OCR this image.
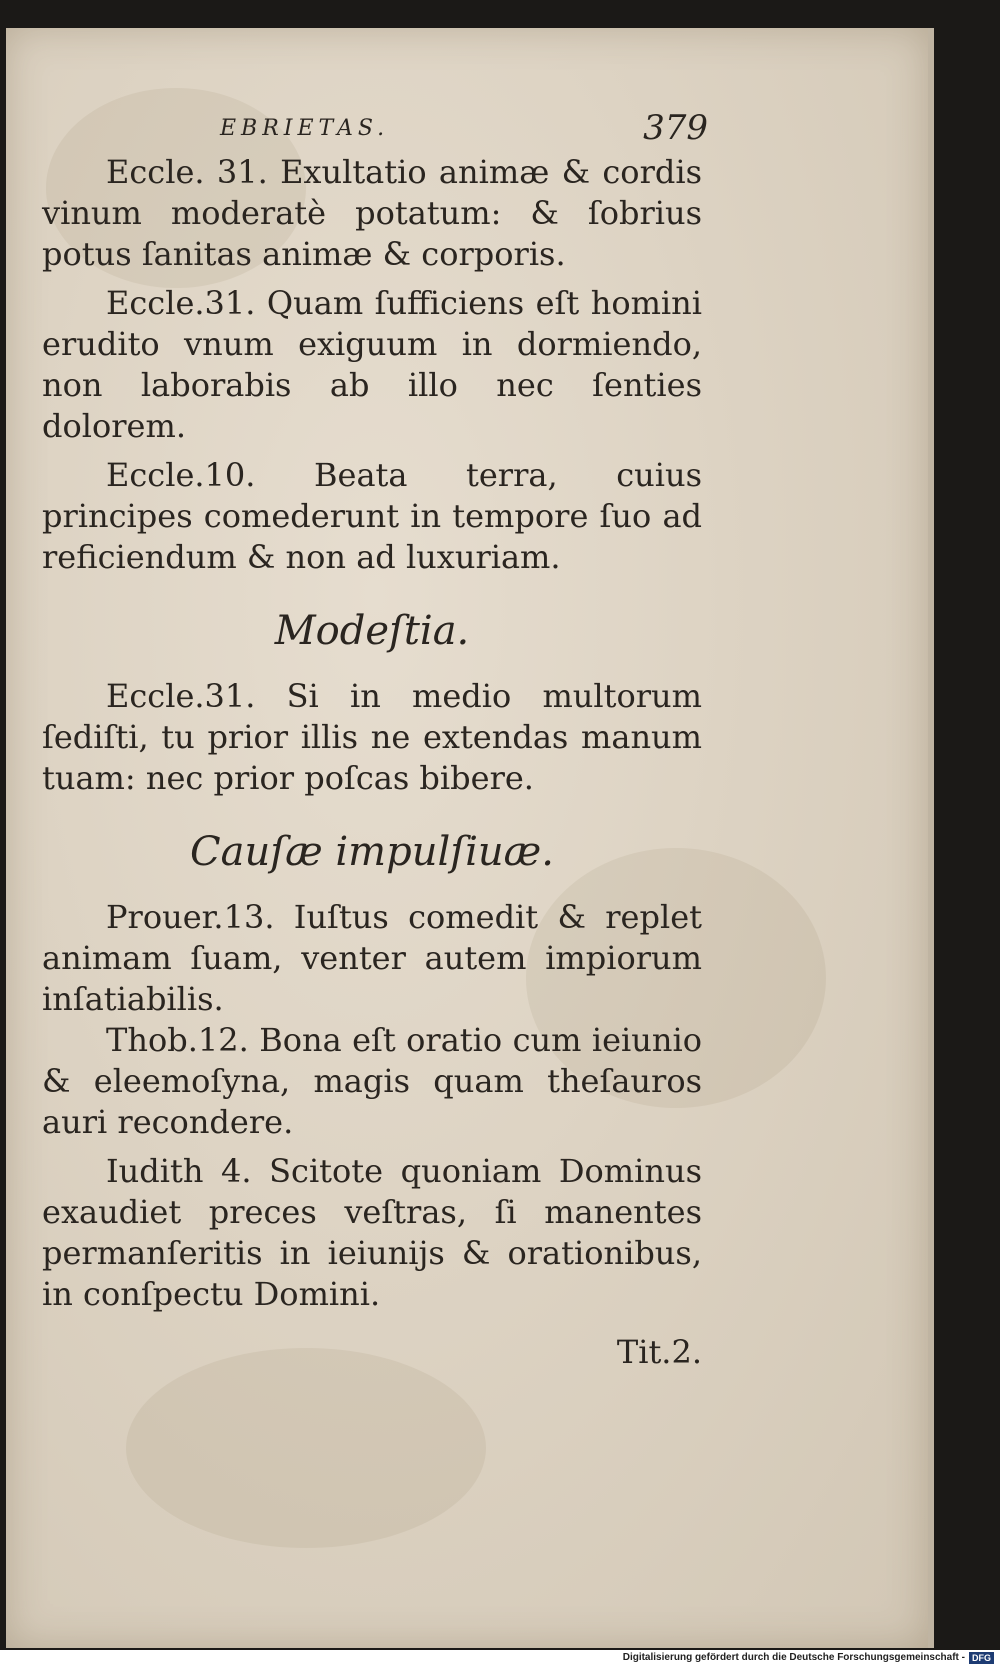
EBRIETAS.	379

Eccle. 31. Exultatio animæ & cordis vinum moderatè potatum: & ſobrius potus ſanitas animæ & corporis.

Eccle.31. Quam ſufficiens eſt homini erudito vnum exiguum in dormiendo, non laborabis ab illo nec ſenties dolorem.

Eccle.10. Beata terra, cuius principes comederunt in tempore ſuo ad reficiendum & non ad luxuriam.

Modeſtia.

Eccle.31. Si in medio multorum ſediſti, tu prior illis ne extendas manum tuam: nec prior poſcas bibere.

Cauſæ impulſiuæ.

Prouer.13. Iuſtus comedit & replet animam ſuam, venter autem impiorum inſatiabilis.

Thob.12. Bona eſt oratio cum ieiunio & eleemoſyna, magis quam theſauros auri recondere.

Iudith 4. Scitote quoniam Dominus exaudiet preces veſtras, ſi manentes permanſeritis in ieiunijs & orationibus, in conſpectu Domini.

Tit.2.
Digitalisierung gefördert durch die Deutsche Forschungsgemeinschaft - DFG
